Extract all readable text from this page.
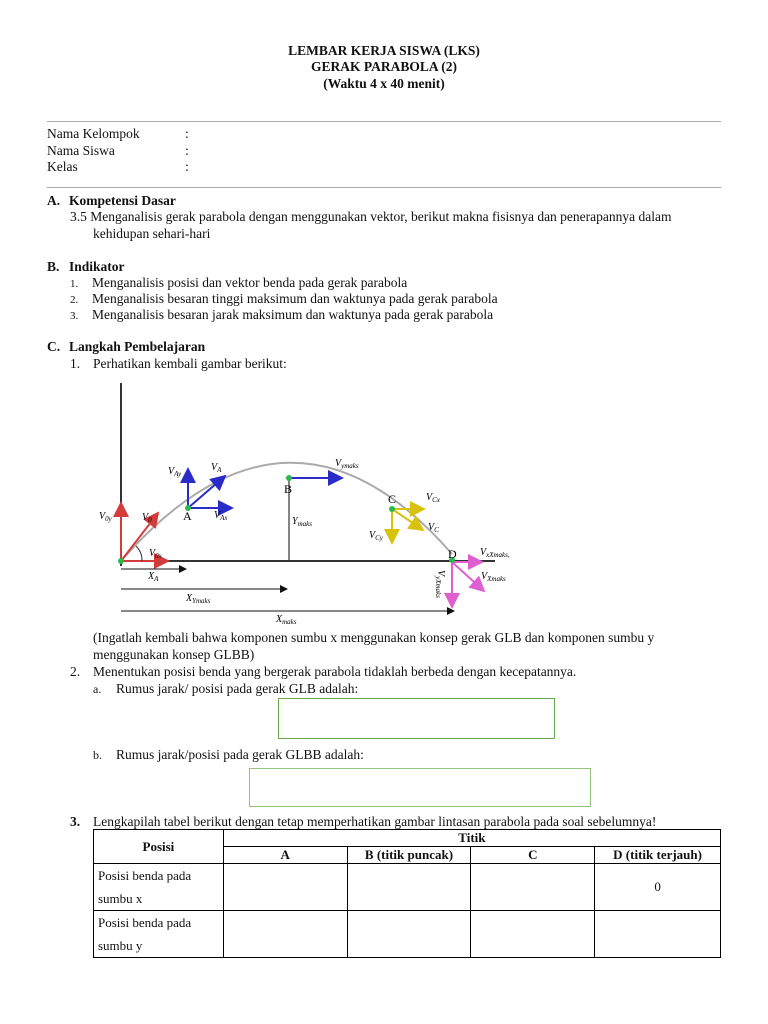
LEMBAR KERJA SISWA (LKS)
GERAK PARABOLA (2)
(Waktu 4 x 40 menit)
Nama Kelompok	:
Nama Siswa	:
Kelas	:
A. Kompetensi Dasar
3.5 Menganalisis gerak parabola dengan menggunakan vektor, berikut makna fisisnya dan penerapannya dalam
kehidupan sehari-hari
B. Indikator
1. Menganalisis posisi dan vektor benda pada gerak parabola
2. Menganalisis besaran tinggi maksimum dan waktunya pada gerak parabola
3. Menganalisis besaran jarak maksimum dan waktunya pada gerak parabola
C. Langkah Pembelajaran
1. Perhatikan kembali gambar berikut:
A
B
C
D
$V_{Ay}$
$V_A$
$V_{Ax}$
$V_{ymaks}$
$V_{Cx}$
$V_C$
$V_{Cy}$
$V_{0y}$	$V_0$
$V_{0x}$
$Y_{maks}$
$V_{xXmaks,}$
$V_{Xmaks}$
$V_{yXmaks}$
$X_A$
$X_{Ymaks}$
$X_{maks}$
(Ingatlah kembali bahwa komponen sumbu x menggunakan konsep gerak GLB dan komponen sumbu y
menggunakan konsep GLBB)
2. Menentukan posisi benda yang bergerak parabola tidaklah berbeda dengan kecepatannya.
a. Rumus jarak/ posisi pada gerak GLB adalah:
b. Rumus jarak/posisi pada gerak GLBB adalah:
3. Lengkapilah tabel berikut dengan tetap memperhatikan gambar lintasan parabola pada soal sebelumnya!
Posisi	Titik			
	A	B (titik puncak)	C	D (titik terjauh)
Posisi benda pada
sumbu x				0
Posisi benda pada
sumbu y				
